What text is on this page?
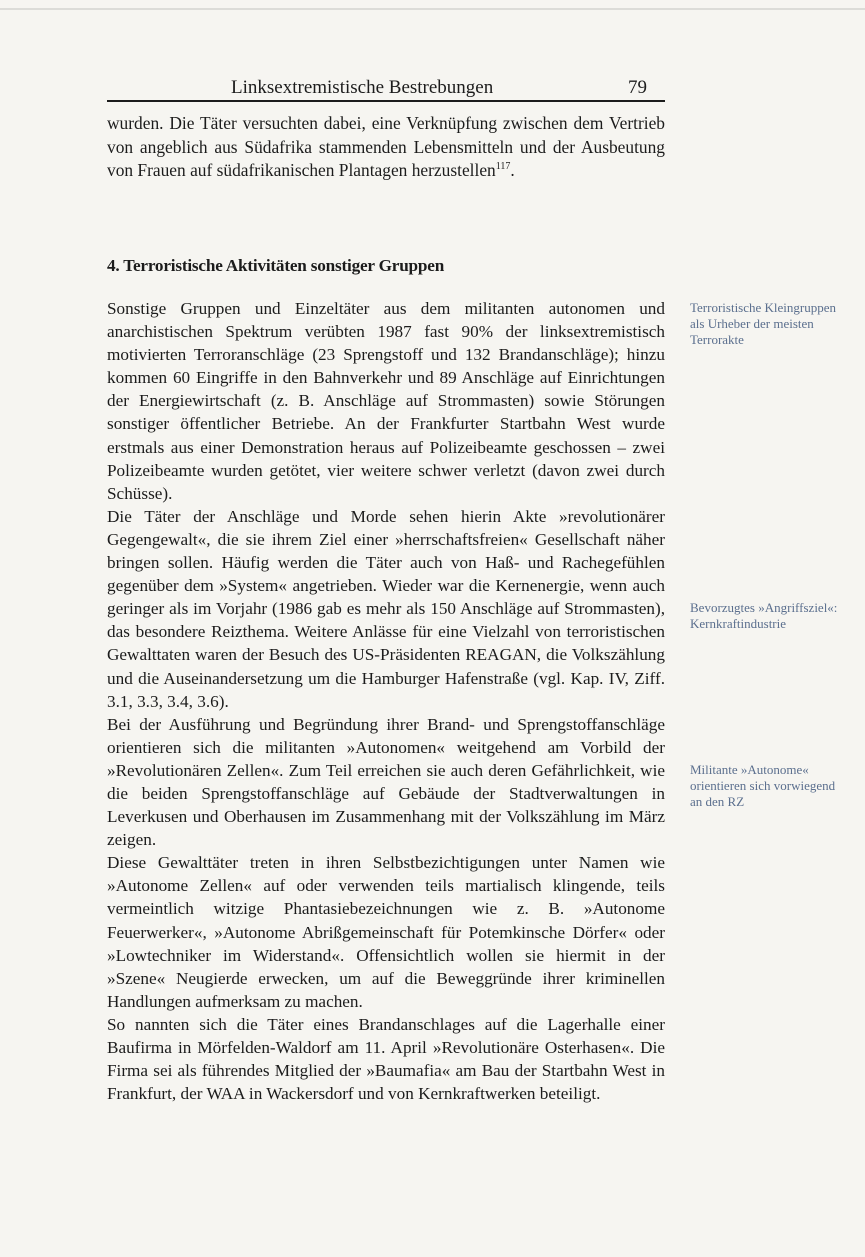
Linksextremistische Bestrebungen	79

wurden. Die Täter versuchten dabei, eine Verknüpfung zwischen dem Vertrieb von angeblich aus Südafrika stammenden Lebensmitteln und der Ausbeutung von Frauen auf südafrikanischen Plantagen herzustellen$^{117}$.

4. Terroristische Aktivitäten sonstiger Gruppen

Sonstige Gruppen und Einzeltäter aus dem militanten autonomen und anarchistischen Spektrum verübten 1987 fast 90% der linksextremistisch motivierten Terroranschläge (23 Sprengstoff und 132 Brandanschläge); hinzu kommen 60 Eingriffe in den Bahnverkehr und 89 Anschläge auf Einrichtungen der Energiewirtschaft (z. B. Anschläge auf Strommasten) sowie Störungen sonstiger öffentlicher Betriebe. An der Frankfurter Startbahn West wurde erstmals aus einer Demonstration heraus auf Polizeibeamte geschossen – zwei Polizeibeamte wurden getötet, vier weitere schwer verletzt (davon zwei durch Schüsse).

Die Täter der Anschläge und Morde sehen hierin Akte »revolutionärer Gegengewalt«, die sie ihrem Ziel einer »herrschaftsfreien« Gesellschaft näher bringen sollen. Häufig werden die Täter auch von Haß- und Rachegefühlen gegenüber dem »System« angetrieben. Wieder war die Kernenergie, wenn auch geringer als im Vorjahr (1986 gab es mehr als 150 Anschläge auf Strommasten), das besondere Reizthema. Weitere Anlässe für eine Vielzahl von terroristischen Gewalttaten waren der Besuch des US-Präsidenten REAGAN, die Volkszählung und die Auseinandersetzung um die Hamburger Hafenstraße (vgl. Kap. IV, Ziff. 3.1, 3.3, 3.4, 3.6).

Bei der Ausführung und Begründung ihrer Brand- und Sprengstoffanschläge orientieren sich die militanten »Autonomen« weitgehend am Vorbild der »Revolutionären Zellen«. Zum Teil erreichen sie auch deren Gefährlichkeit, wie die beiden Sprengstoffanschläge auf Gebäude der Stadtverwaltungen in Leverkusen und Oberhausen im Zusammenhang mit der Volkszählung im März zeigen.

Diese Gewalttäter treten in ihren Selbstbezichtigungen unter Namen wie »Autonome Zellen« auf oder verwenden teils martialisch klingende, teils vermeintlich witzige Phantasiebezeichnungen wie z. B. »Autonome Feuerwerker«, »Autonome Abrißgemeinschaft für Potemkinsche Dörfer« oder »Lowtechniker im Widerstand«. Offensichtlich wollen sie hiermit in der »Szene« Neugierde erwecken, um auf die Beweggründe ihrer kriminellen Handlungen aufmerksam zu machen.

So nannten sich die Täter eines Brandanschlages auf die Lagerhalle einer Baufirma in Mörfelden-Waldorf am 11. April »Revolutionäre Osterhasen«. Die Firma sei als führendes Mitglied der »Baumafia« am Bau der Startbahn West in Frankfurt, der WAA in Wackersdorf und von Kernkraftwerken beteiligt.

Terroristische Kleingruppen als Urheber der meisten Terrorakte

Bevorzugtes »Angriffsziel«: Kernkraftindustrie

Militante »Autonome« orientieren sich vorwiegend an den RZ
